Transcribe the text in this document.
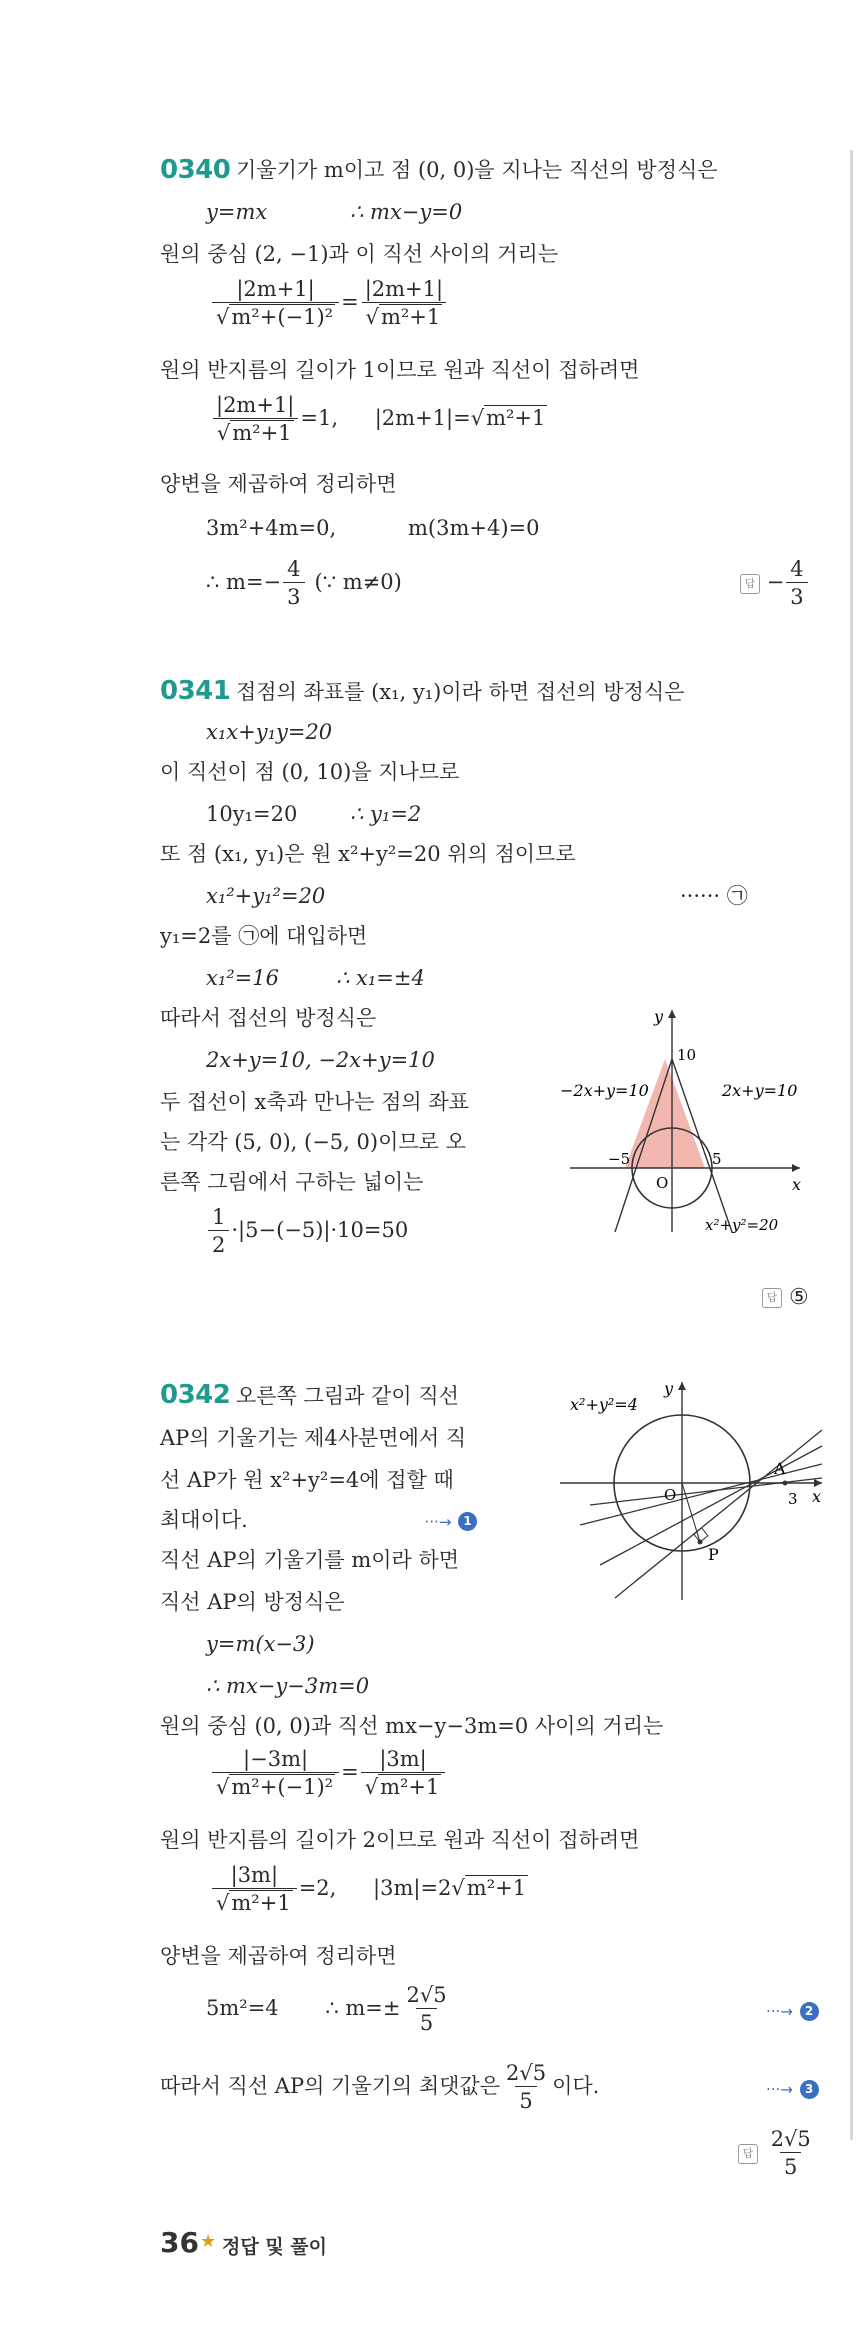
0340 기울기가 m이고 점 (0, 0)을 지나는 직선의 방정식은
y=mx	∴ mx−y=0
원의 중심 (2, −1)과 이 직선 사이의 거리는
$\frac{|2m+1|}{\text{√m²+(−1)²}} = \frac{|2m+1|}{\text{√m²+1}}$
원의 반지름의 길이가 1이므로 원과 직선이 접하려면
$\frac{|2m+1|}{\text{√m²+1}} =1$, |2m+1|=√m²+1
양변을 제곱하여 정리하면
3m²+4m=0,	m(3m+4)=0
∴ $m=- \frac{4}{3}$ (∵ m≠0)	답 − $\frac{4}{3}$
0341 접점의 좌표를 (x₁, y₁)이라 하면 접선의 방정식은
x₁x+y₁y=20
이 직선이 점 (0, 10)을 지나므로
10y₁=20	∴ y₁=2
또 점 (x₁, y₁)은 원 x²+y²=20 위의 점이므로
x₁²+y₁²=20	······ ㉠
y₁=2를 ㉠에 대입하면
x₁²=16	∴ x₁=±4
따라서 접선의 방정식은
2x+y=10, −2x+y=10
두 접선이 x축과 만나는 점의 좌표
는 각각 (5, 0), (−5, 0)이므로 오
른쪽 그림에서 구하는 넓이는
$\frac{1}{2} \cdot|5-(-5)|\cdot 10=50$
답 ⑤
y
x
10
−2x+y=10	2x+y=10
−5	5
O
x²+y²=20
0342 오른쪽 그림과 같이 직선
AP의 기울기는 제4사분면에서 직
선 AP가 원 x²+y²=4에 접할 때
최대이다.	···→ 1
직선 AP의 기울기를 m이라 하면
직선 AP의 방정식은
y=m(x−3)
∴ mx−y−3m=0
원의 중심 (0, 0)과 직선 mx−y−3m=0 사이의 거리는
$\frac{|-3m|}{\text{√m²+(−1)²}} = \frac{|3m|}{\text{√m²+1}}$
원의 반지름의 길이가 2이므로 원과 직선이 접하려면
$\frac{|3m|}{\text{√m²+1}} =2$, |3m|=2√m²+1
양변을 제곱하여 정리하면
5m²=4 ∴ $m=\pm \frac{2√5}{5}$	···→ 2
따라서 직선 AP의 기울기의 최댓값은 $\frac{2√5}{5}$ 이다.	···→ 3
답 $\frac{2√5}{5}$
y
x
x²+y²=4
O
A
3
P
36 ★ 정답 및 풀이
